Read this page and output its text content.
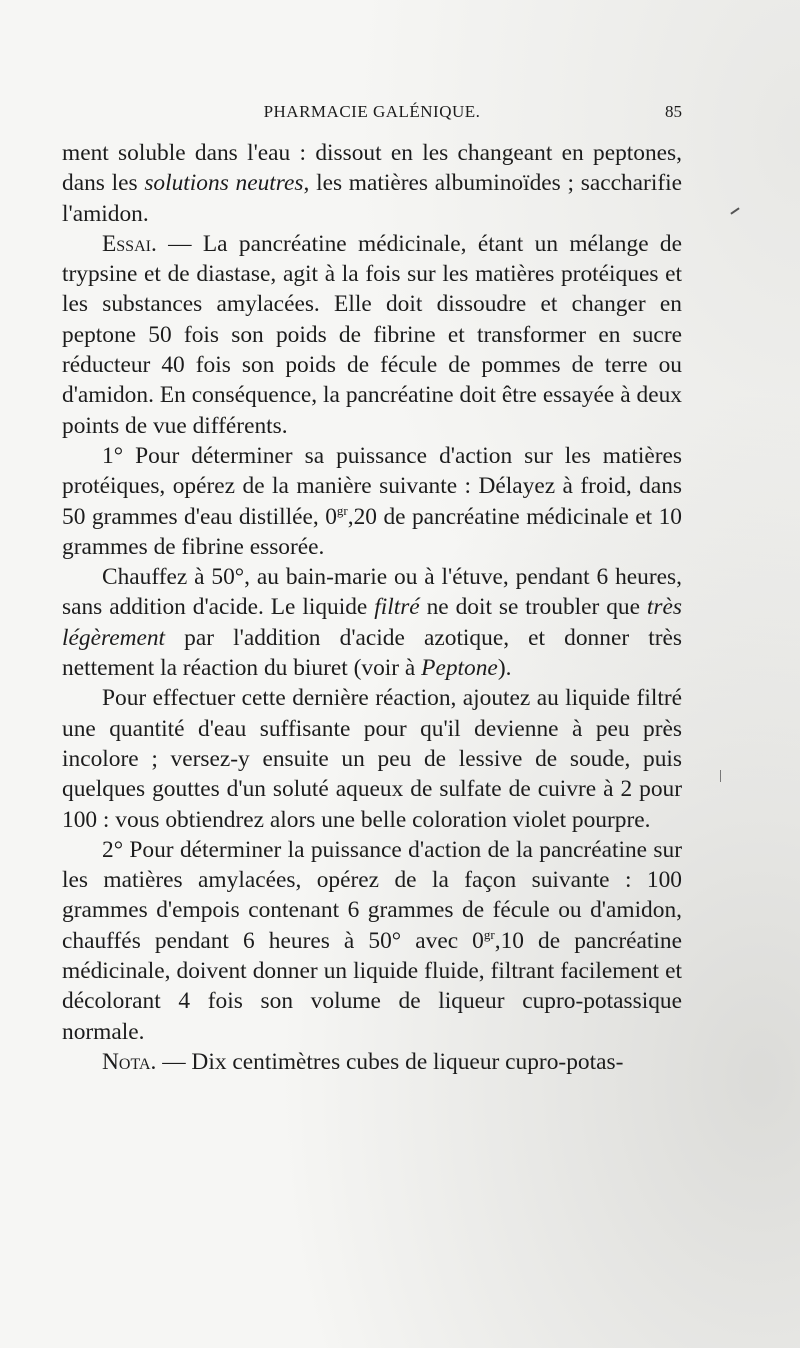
PHARMACIE GALÉNIQUE.	85

ment soluble dans l'eau : dissout en les changeant en peptones, dans les solutions neutres, les matières albuminoïdes ; saccharifie l'amidon.

Essai. — La pancréatine médicinale, étant un mélange de trypsine et de diastase, agit à la fois sur les matières protéiques et les substances amylacées. Elle doit dissoudre et changer en peptone 50 fois son poids de fibrine et transformer en sucre réducteur 40 fois son poids de fécule de pommes de terre ou d'amidon. En conséquence, la pancréatine doit être essayée à deux points de vue différents.

1° Pour déterminer sa puissance d'action sur les matières protéiques, opérez de la manière suivante : Délayez à froid, dans 50 grammes d'eau distillée, $0^{gr},20$ de pancréatine médicinale et 10 grammes de fibrine essorée.

Chauffez à 50°, au bain-marie ou à l'étuve, pendant 6 heures, sans addition d'acide. Le liquide filtré ne doit se troubler que très légèrement par l'addition d'acide azotique, et donner très nettement la réaction du biuret (voir à Peptone).

Pour effectuer cette dernière réaction, ajoutez au liquide filtré une quantité d'eau suffisante pour qu'il devienne à peu près incolore ; versez-y ensuite un peu de lessive de soude, puis quelques gouttes d'un soluté aqueux de sulfate de cuivre à 2 pour 100 : vous obtiendrez alors une belle coloration violet pourpre.

2° Pour déterminer la puissance d'action de la pancréatine sur les matières amylacées, opérez de la façon suivante : 100 grammes d'empois contenant 6 grammes de fécule ou d'amidon, chauffés pendant 6 heures à 50° avec $0^{gr},10$ de pancréatine médicinale, doivent donner un liquide fluide, filtrant facilement et décolorant 4 fois son volume de liqueur cupro-potassique normale.

Nota. — Dix centimètres cubes de liqueur cupro-potas-
